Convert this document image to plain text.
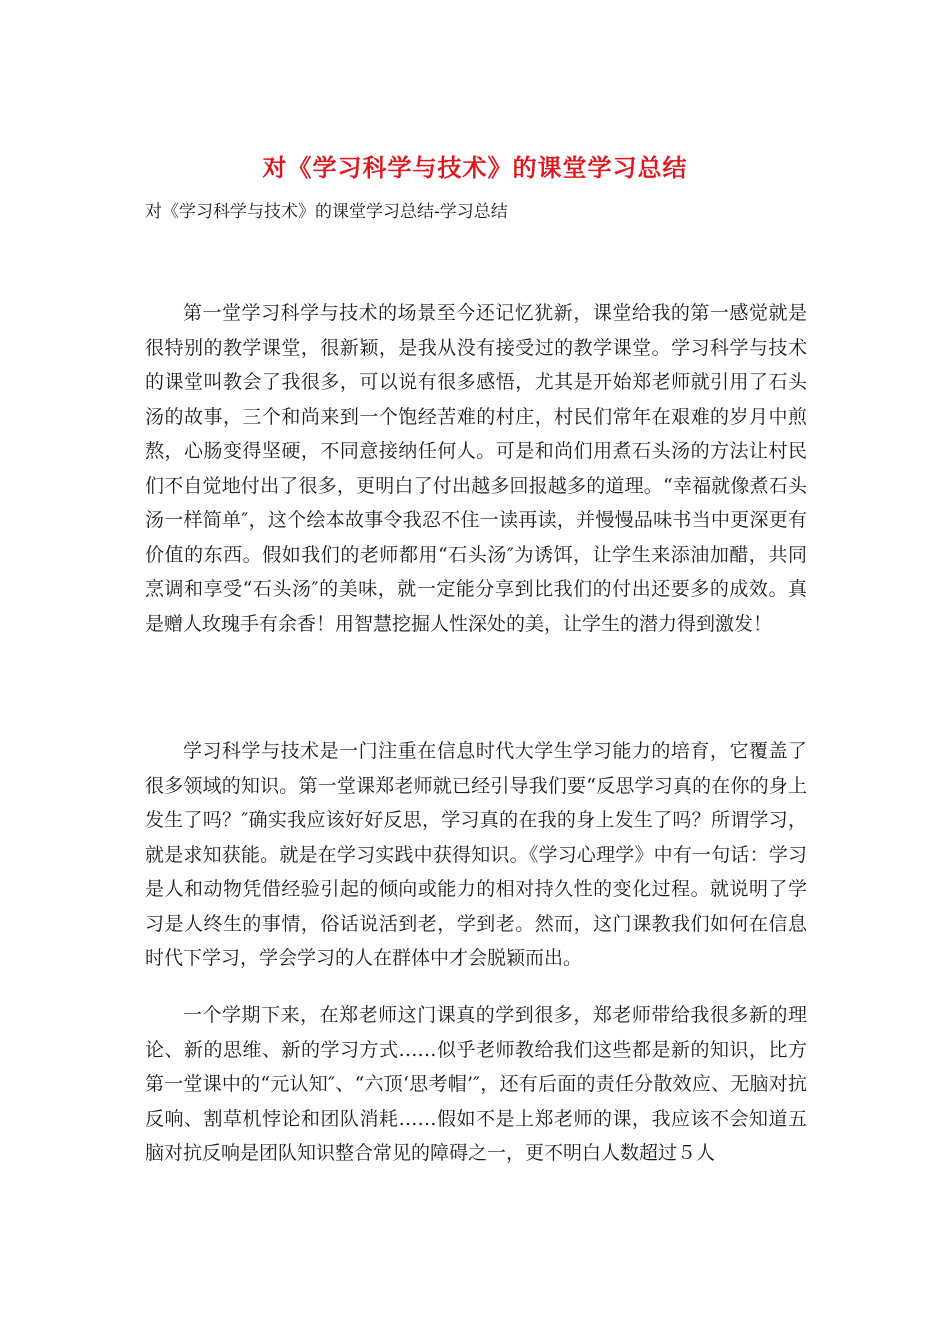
对《学习科学与技术》的课堂学习总结
对《学习科学与技术》的课堂学习总结-学习总结

第一堂学习科学与技术的场景至今还记忆犹新，课堂给我的第一感觉就是很特别的教学课堂，很新颖，是我从没有接受过的教学课堂。学习科学与技术的课堂叫教会了我很多，可以说有很多感悟，尤其是开始郑老师就引用了石头汤的故事，三个和尚来到一个饱经苦难的村庄，村民们常年在艰难的岁月中煎熬，心肠变得坚硬，不同意接纳任何人。可是和尚们用煮石头汤的方法让村民们不自觉地付出了很多，更明白了付出越多回报越多的道理。“幸福就像煮石头汤一样简单″，这个绘本故事令我忍不住一读再读，并慢慢品味书当中更深更有价值的东西。假如我们的老师都用“石头汤″为诱饵，让学生来添油加醋，共同烹调和享受“石头汤″的美味，就一定能分享到比我们的付出还要多的成效。真是赠人玫瑰手有余香！用智慧挖掘人性深处的美，让学生的潜力得到激发！

学习科学与技术是一门注重在信息时代大学生学习能力的培育，它覆盖了很多领域的知识。第一堂课郑老师就已经引导我们要“反思学习真的在你的身上发生了吗？″确实我应该好好反思，学习真的在我的身上发生了吗？所谓学习，就是求知获能。就是在学习实践中获得知识。《学习心理学》中有一句话：学习是人和动物凭借经验引起的倾向或能力的相对持久性的变化过程。就说明了学习是人终生的事情，俗话说活到老，学到老。然而，这门课教我们如何在信息时代下学习，学会学习的人在群体中才会脱颖而出。

一个学期下来，在郑老师这门课真的学到很多，郑老师带给我很多新的理论、新的思维、新的学习方式……似乎老师教给我们这些都是新的知识，比方第一堂课中的“元认知″、“六顶‘思考帽’″，还有后面的责任分散效应、无脑对抗反响、割草机悖论和团队消耗……假如不是上郑老师的课，我应该不会知道五脑对抗反响是团队知识整合常见的障碍之一，更不明白人数超过５人
